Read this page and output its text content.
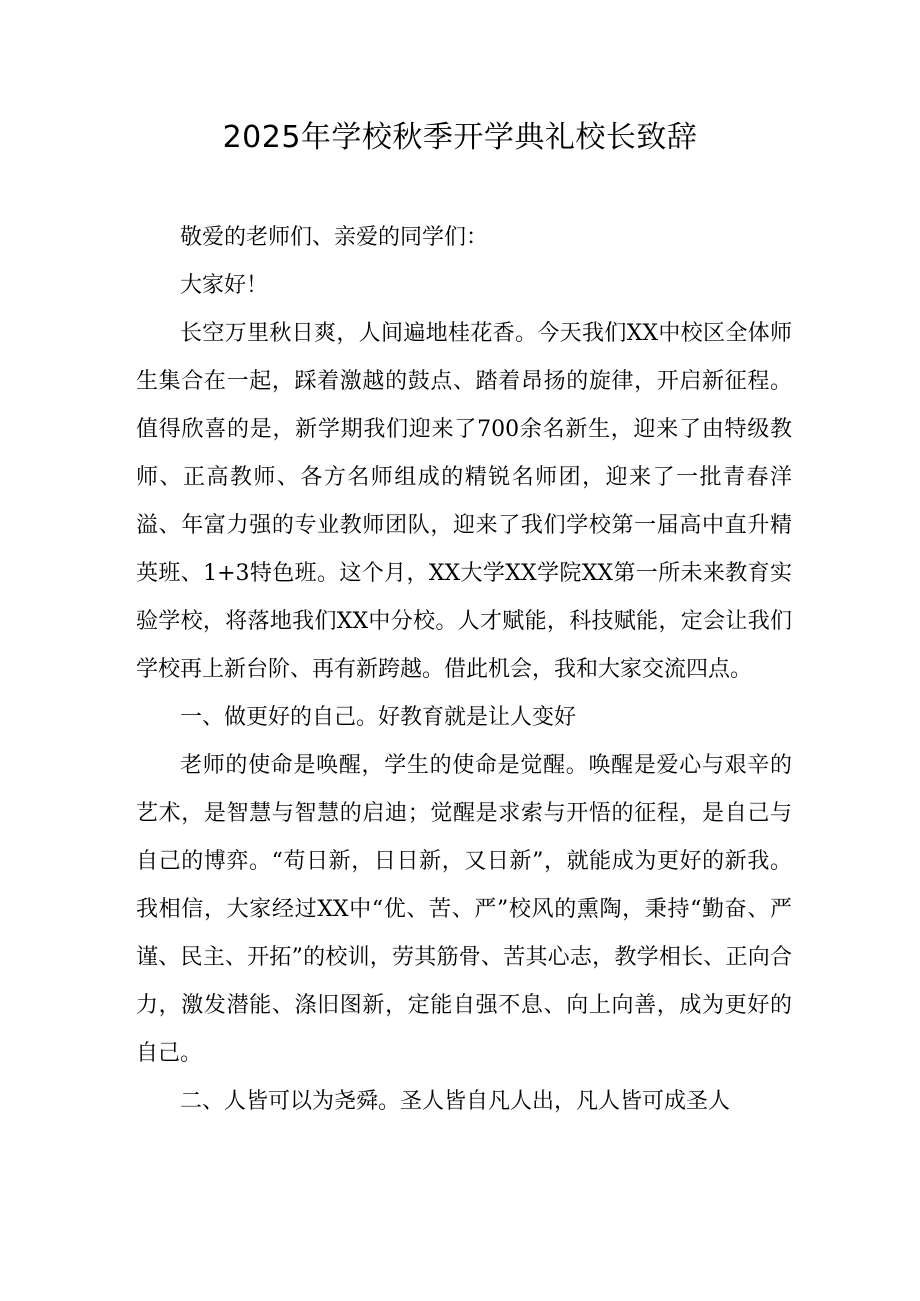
2025年学校秋季开学典礼校长致辞

敬爱的老师们、亲爱的同学们：

大家好！

长空万里秋日爽，人间遍地桂花香。今天我们XX中校区全体师生集合在一起，踩着激越的鼓点、踏着昂扬的旋律，开启新征程。值得欣喜的是，新学期我们迎来了700余名新生，迎来了由特级教师、正高教师、各方名师组成的精锐名师团，迎来了一批青春洋溢、年富力强的专业教师团队，迎来了我们学校第一届高中直升精英班、1+3特色班。这个月，XX大学XX学院XX第一所未来教育实验学校，将落地我们XX中分校。人才赋能，科技赋能，定会让我们学校再上新台阶、再有新跨越。借此机会，我和大家交流四点。

一、做更好的自己。好教育就是让人变好

老师的使命是唤醒，学生的使命是觉醒。唤醒是爱心与艰辛的艺术，是智慧与智慧的启迪；觉醒是求索与开悟的征程，是自己与自己的博弈。“苟日新，日日新，又日新”，就能成为更好的新我。我相信，大家经过XX中“优、苦、严”校风的熏陶，秉持“勤奋、严谨、民主、开拓”的校训，劳其筋骨、苦其心志，教学相长、正向合力，激发潜能、涤旧图新，定能自强不息、向上向善，成为更好的自己。

二、人皆可以为尧舜。圣人皆自凡人出，凡人皆可成圣人
